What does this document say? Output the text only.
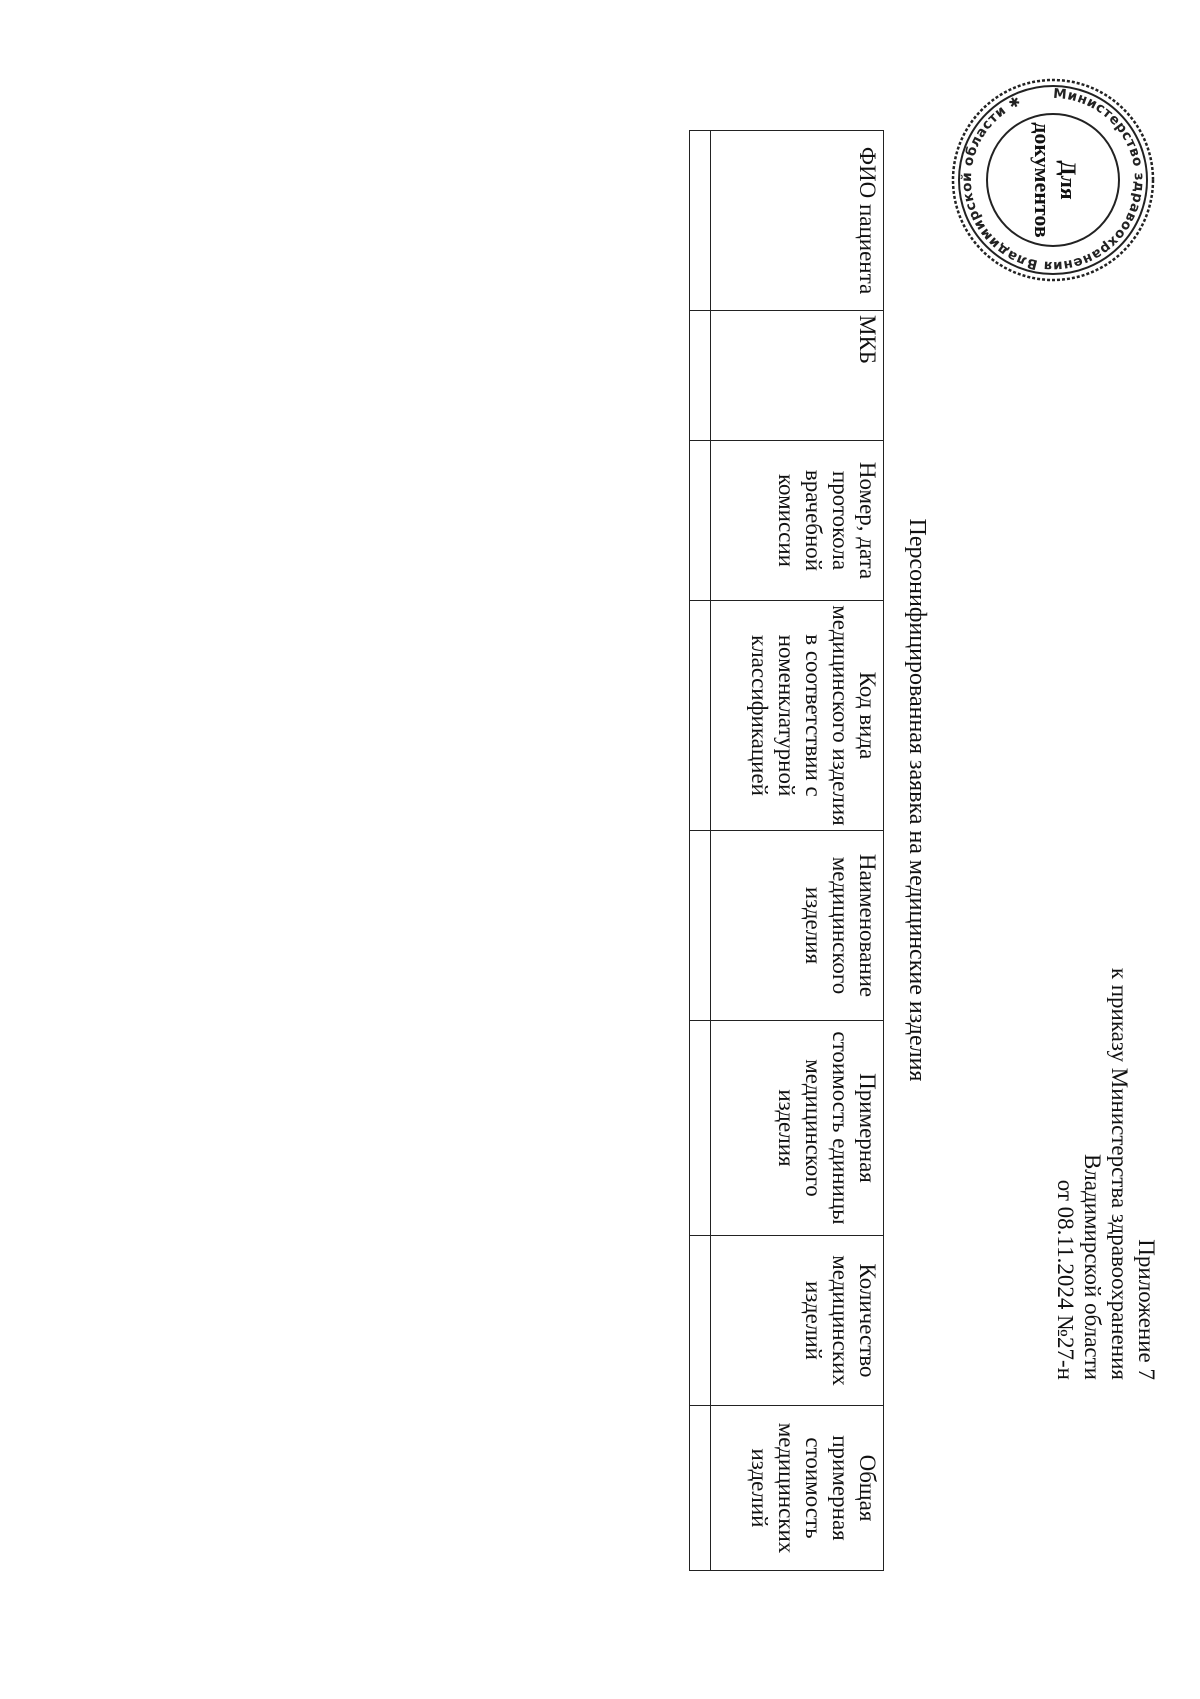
Приложение 7
к приказу Министерства здравоохранения
Владимирской области
от 08.11.2024 №27-н
Персонифицированная заявка на медицинские изделия
ФИО пациента	МКБ	Номер, дата протокола врачебной комиссии	Код вида медицинского изделия в соответствии с номенклатурной классификацией	Наименование медицинского изделия	Примерная стоимость единицы медицинского изделия	Количество медицинских изделий	Общая примерная стоимость медицинских изделий

Министерство здравоохранения Владимирской области ✱
Для
документов
